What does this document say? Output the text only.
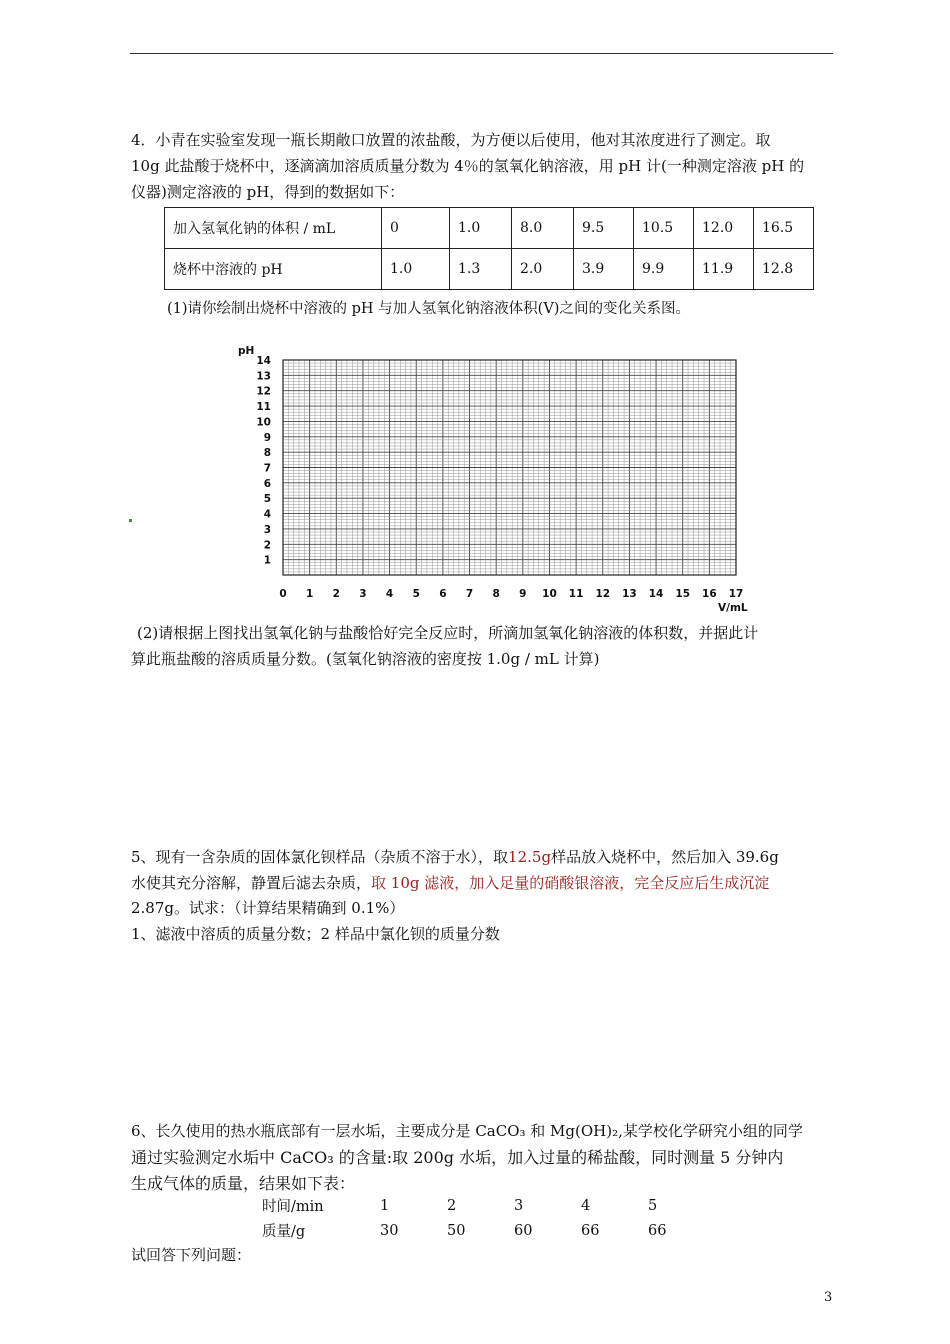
4．小青在实验室发现一瓶长期敞口放置的浓盐酸，为方便以后使用，他对其浓度进行了测定。取
10g 此盐酸于烧杯中，逐滴滴加溶质质量分数为 4％的氢氧化钠溶液，用 pH 计(一种测定溶液 pH 的
仪器)测定溶液的 pH，得到的数据如下：
加入氢氧化钠的体积 / mL	0	1.0	8.0	9.5	10.5	12.0	16.5
烧杯中溶液的 pH	1.0	1.3	2.0	3.9	9.9	11.9	12.8
(1)请你绘制出烧杯中溶液的 pH 与加人氢氧化钠溶液体积(V)之间的变化关系图。
1
2
3
4
5
6
7
8
9
10
11
12
13
14
0 1 2 3 4 5 6 7 8 9 10 11 12 13 14 15 16 17
pH
V/mL
(2)请根据上图找出氢氧化钠与盐酸恰好完全反应时，所滴加氢氧化钠溶液的体积数，并据此计
算此瓶盐酸的溶质质量分数。(氢氧化钠溶液的密度按 1.0g / mL 计算)
5、现有一含杂质的固体氯化钡样品（杂质不溶于水），取12.5g样品放入烧杯中，然后加入 39.6g
水使其充分溶解，静置后滤去杂质，取 10g 滤液，加入足量的硝酸银溶液，完全反应后生成沉淀
2.87g。试求：（计算结果精确到 0.1%）
1、滤液中溶质的质量分数；2 样品中氯化钡的质量分数
6、长久使用的热水瓶底部有一层水垢，主要成分是 CaCO₃ 和 Mg(OH)₂,某学校化学研究小组的同学
通过实验测定水垢中 CaCO₃ 的含量:取 200g 水垢，加入过量的稀盐酸，同时测量 5 分钟内
生成气体的质量，结果如下表：
时间/min	1	2	3	4	5
质量/g	30	50	60	66	66
试回答下列问题：
3
